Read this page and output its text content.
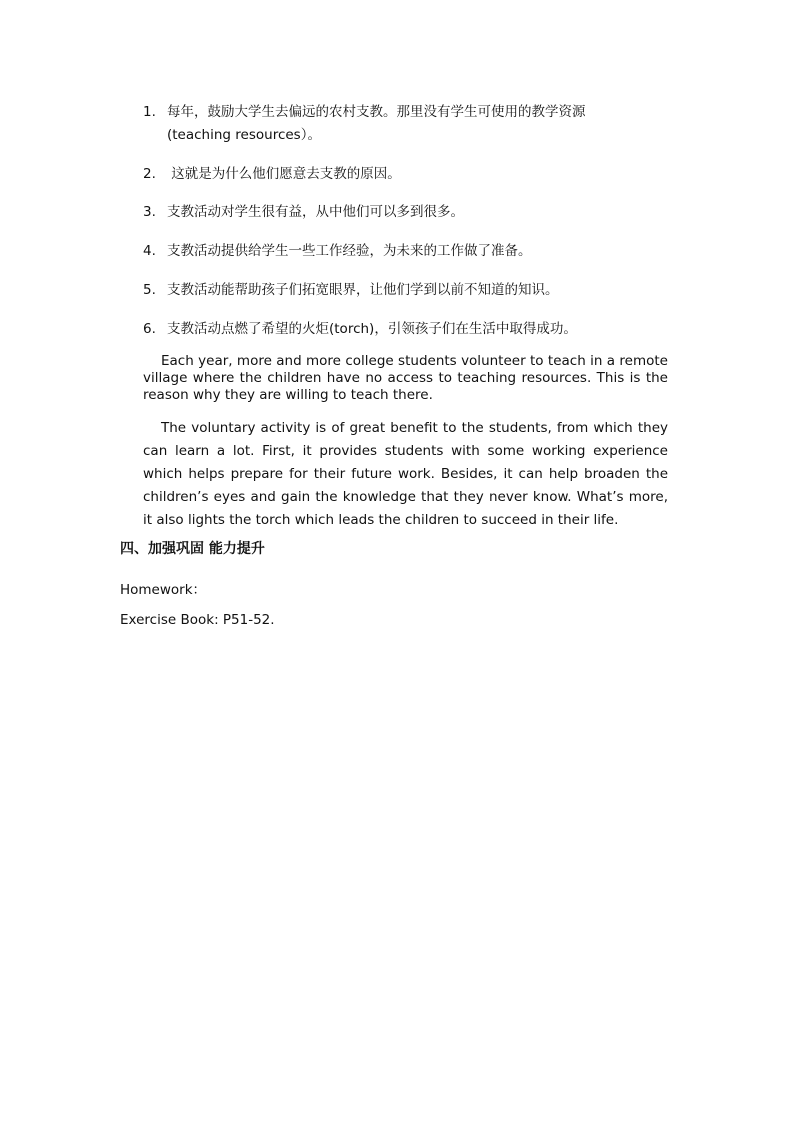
1. 每年，鼓励大学生去偏远的农村支教。那里没有学生可使用的教学资源
(teaching resources）。
2. 这就是为什么他们愿意去支教的原因。
3. 支教活动对学生很有益，从中他们可以多到很多。
4. 支教活动提供给学生一些工作经验，为未来的工作做了准备。
5. 支教活动能帮助孩子们拓宽眼界，让他们学到以前不知道的知识。
6. 支教活动点燃了希望的火炬(torch)，引领孩子们在生活中取得成功。
Each year, more and more college students volunteer to teach in a remote village where the children have no access to teaching resources. This is the reason why they are willing to teach there.
The voluntary activity is of great benefit to the students, from which they can learn a lot. First, it provides students with some working experience which helps prepare for their future work. Besides, it can help broaden the children’s eyes and gain the knowledge that they never know. What’s more, it also lights the torch which leads the children to succeed in their life.
四、加强巩固 能力提升
Homework：
Exercise Book: P51-52.
